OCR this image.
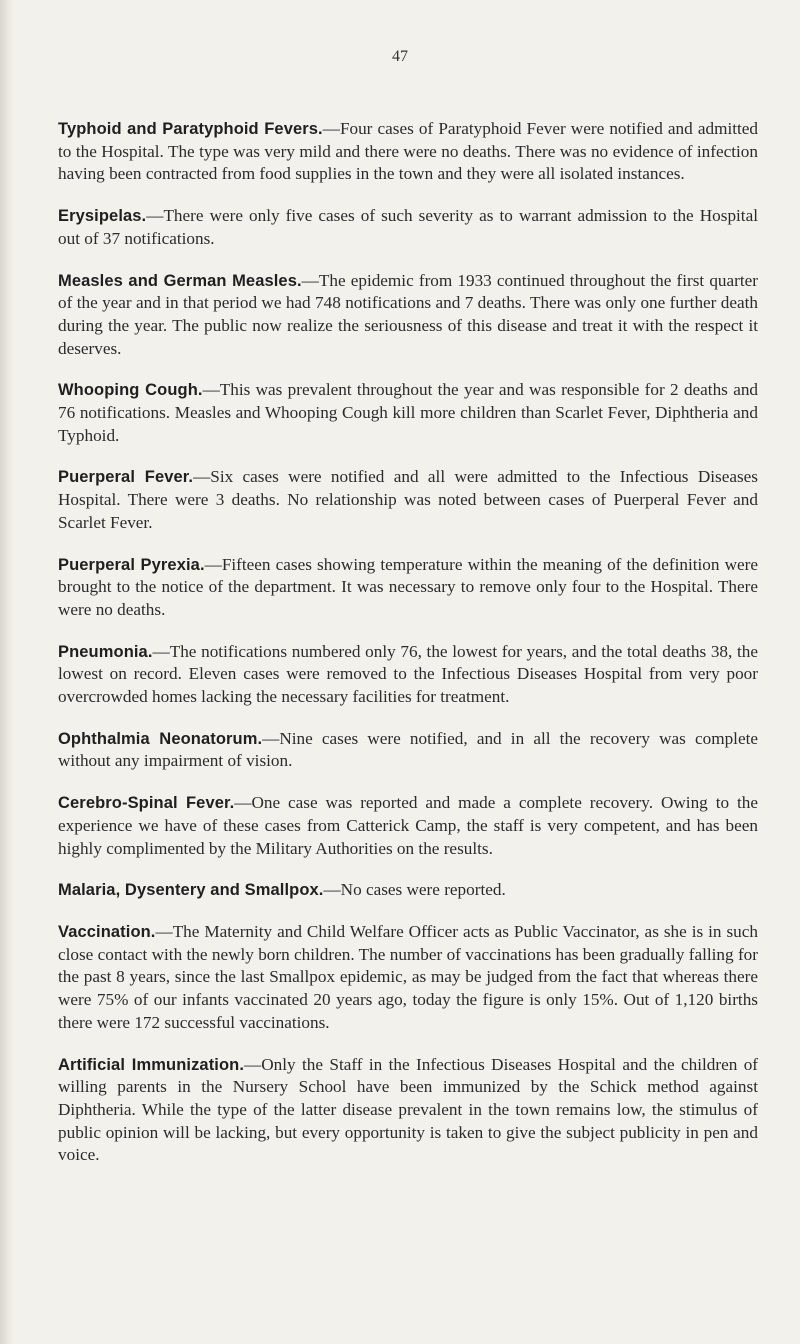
47

Typhoid and Paratyphoid Fevers.—Four cases of Paratyphoid Fever were notified and admitted to the Hospital. The type was very mild and there were no deaths. There was no evidence of infection having been contracted from food supplies in the town and they were all isolated instances.

Erysipelas.—There were only five cases of such severity as to warrant admission to the Hospital out of 37 notifications.

Measles and German Measles.—The epidemic from 1933 continued throughout the first quarter of the year and in that period we had 748 notifications and 7 deaths. There was only one further death during the year. The public now realize the seriousness of this disease and treat it with the respect it deserves.

Whooping Cough.—This was prevalent throughout the year and was responsible for 2 deaths and 76 notifications. Measles and Whooping Cough kill more children than Scarlet Fever, Diphtheria and Typhoid.

Puerperal Fever.—Six cases were notified and all were admitted to the Infectious Diseases Hospital. There were 3 deaths. No relationship was noted between cases of Puerperal Fever and Scarlet Fever.

Puerperal Pyrexia.—Fifteen cases showing temperature within the meaning of the definition were brought to the notice of the department. It was necessary to remove only four to the Hospital. There were no deaths.

Pneumonia.—The notifications numbered only 76, the lowest for years, and the total deaths 38, the lowest on record. Eleven cases were removed to the Infectious Diseases Hospital from very poor overcrowded homes lacking the necessary facilities for treatment.

Ophthalmia Neonatorum.—Nine cases were notified, and in all the recovery was complete without any impairment of vision.

Cerebro-Spinal Fever.—One case was reported and made a complete recovery. Owing to the experience we have of these cases from Catterick Camp, the staff is very competent, and has been highly complimented by the Military Authorities on the results.

Malaria, Dysentery and Smallpox.—No cases were reported.

Vaccination.—The Maternity and Child Welfare Officer acts as Public Vaccinator, as she is in such close contact with the newly born children. The number of vaccinations has been gradually falling for the past 8 years, since the last Smallpox epidemic, as may be judged from the fact that whereas there were 75% of our infants vaccinated 20 years ago, today the figure is only 15%. Out of 1,120 births there were 172 successful vaccinations.

Artificial Immunization.—Only the Staff in the Infectious Diseases Hospital and the children of willing parents in the Nursery School have been immunized by the Schick method against Diphtheria. While the type of the latter disease prevalent in the town remains low, the stimulus of public opinion will be lacking, but every opportunity is taken to give the subject publicity in pen and voice.
